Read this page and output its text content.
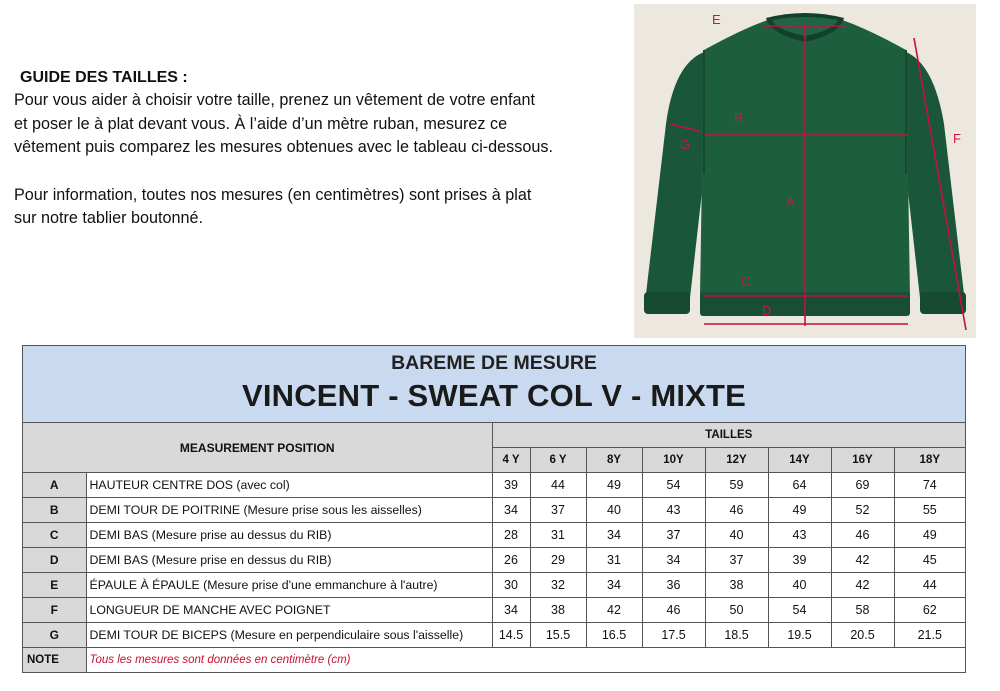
GUIDE DES TAILLES :

Pour vous aider à choisir votre taille, prenez un vêtement de votre enfant
et poser le à plat devant vous. À l’aide d’un mètre ruban, mesurez ce
vêtement puis comparez les mesures obtenues avec le tableau ci-dessous.

Pour information, toutes nos mesures (en centimètres) sont prises à plat
sur notre tablier boutonné.

E
B
G	F
A
C
D
BAREME DE MESURE
VINCENT - SWEAT COL V - MIXTE
MEASUREMENT POSITION		TAILLES							
		4 Y	6 Y	8Y	10Y	12Y	14Y	16Y	18Y
A	HAUTEUR CENTRE DOS (avec col)	39	44	49	54	59	64	69	74
B	DEMI TOUR DE POITRINE (Mesure prise sous les aisselles)	34	37	40	43	46	49	52	55
C	DEMI BAS (Mesure prise au dessus du RIB)	28	31	34	37	40	43	46	49
D	DEMI BAS (Mesure prise en dessus du RIB)	26	29	31	34	37	39	42	45
E	ÉPAULE À ÉPAULE (Mesure prise d'une emmanchure à l'autre)	30	32	34	36	38	40	42	44
F	LONGUEUR DE MANCHE AVEC POIGNET	34	38	42	46	50	54	58	62
G	DEMI TOUR DE BICEPS (Mesure en perpendiculaire sous l'aisselle)	14.5	15.5	16.5	17.5	18.5	19.5	20.5	21.5
NOTE	Tous les mesures sont données en centimètre (cm)								
